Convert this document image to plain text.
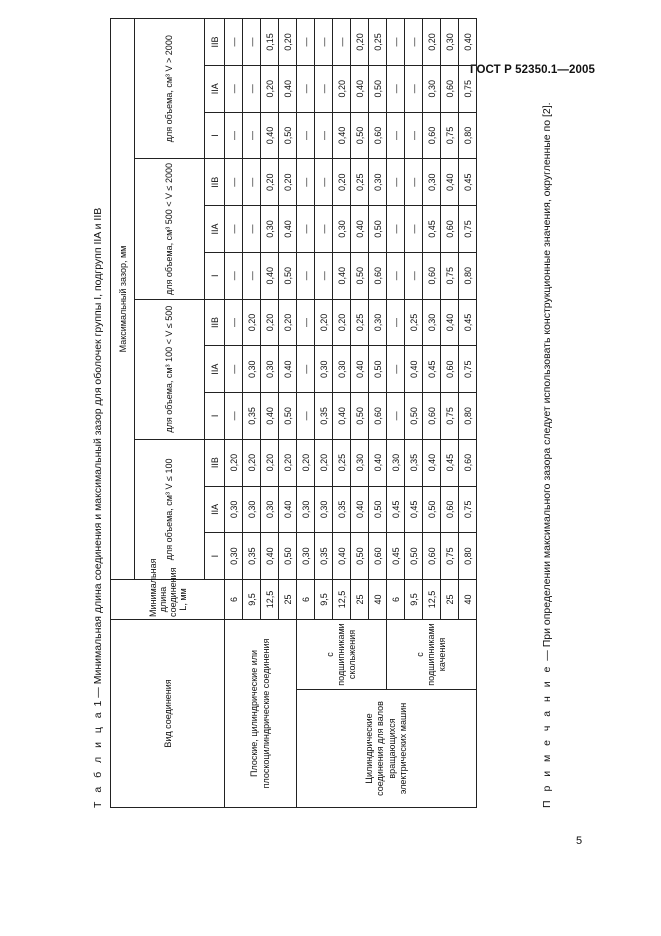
ГОСТ Р 52350.1—2005
Т а б л и ц а 1 — Минимальная длина соединения и максимальный зазор для оболочек группы I, подгрупп IIA и IIB
Вид соединения		Минимальная длина соединения L, мм	Максимальный зазор, мм											
			для объема, см³ V ≤ 100			для объема, см³ 100 < V ≤ 500			для объема, см³ 500 < V ≤ 2000			для объема, см³ V > 2000		
			I	IIA	IIB	I	IIA	IIB	I	IIA	IIB	I	IIA	IIB
Плоские, цилиндрические или плоскоцилиндрические соединения		6	0,30	0,30	0,20	—	—	—	—	—	—	—	—	—
		9,5	0,35	0,30	0,20	0,35	0,30	0,20	—	—	—	—	—	—
		12,5	0,40	0,30	0,20	0,40	0,30	0,20	0,40	0,30	0,20	0,40	0,20	0,15
		25	0,50	0,40	0,20	0,50	0,40	0,20	0,50	0,40	0,20	0,50	0,40	0,20
Цилиндрические соединения для валов вращающихся электрических машин	с подшипниками скольжения	6	0,30	0,30	0,20	—	—	—	—	—	—	—	—	—
		9,5	0,35	0,30	0,20	0,35	0,30	0,20	—	—	—	—	—	—
		12,5	0,40	0,35	0,25	0,40	0,30	0,20	0,40	0,30	0,20	0,40	0,20	—
		25	0,50	0,40	0,30	0,50	0,40	0,25	0,50	0,40	0,25	0,50	0,40	0,20
		40	0,60	0,50	0,40	0,60	0,50	0,30	0,60	0,50	0,30	0,60	0,50	0,25
	с подшипниками качения	6	0,45	0,45	0,30	—	—	—	—	—	—	—	—	—
		9,5	0,50	0,45	0,35	0,50	0,40	0,25	—	—	—	—	—	—
		12,5	0,60	0,50	0,40	0,60	0,45	0,30	0,60	0,45	0,30	0,60	0,30	0,20
		25	0,75	0,60	0,45	0,75	0,60	0,40	0,75	0,60	0,40	0,75	0,60	0,30
		40	0,80	0,75	0,60	0,80	0,75	0,45	0,80	0,75	0,45	0,80	0,75	0,40
П р и м е ч а н и е — При определении максимального зазора следует использовать конструкционные значения, округленные по [2].
5
